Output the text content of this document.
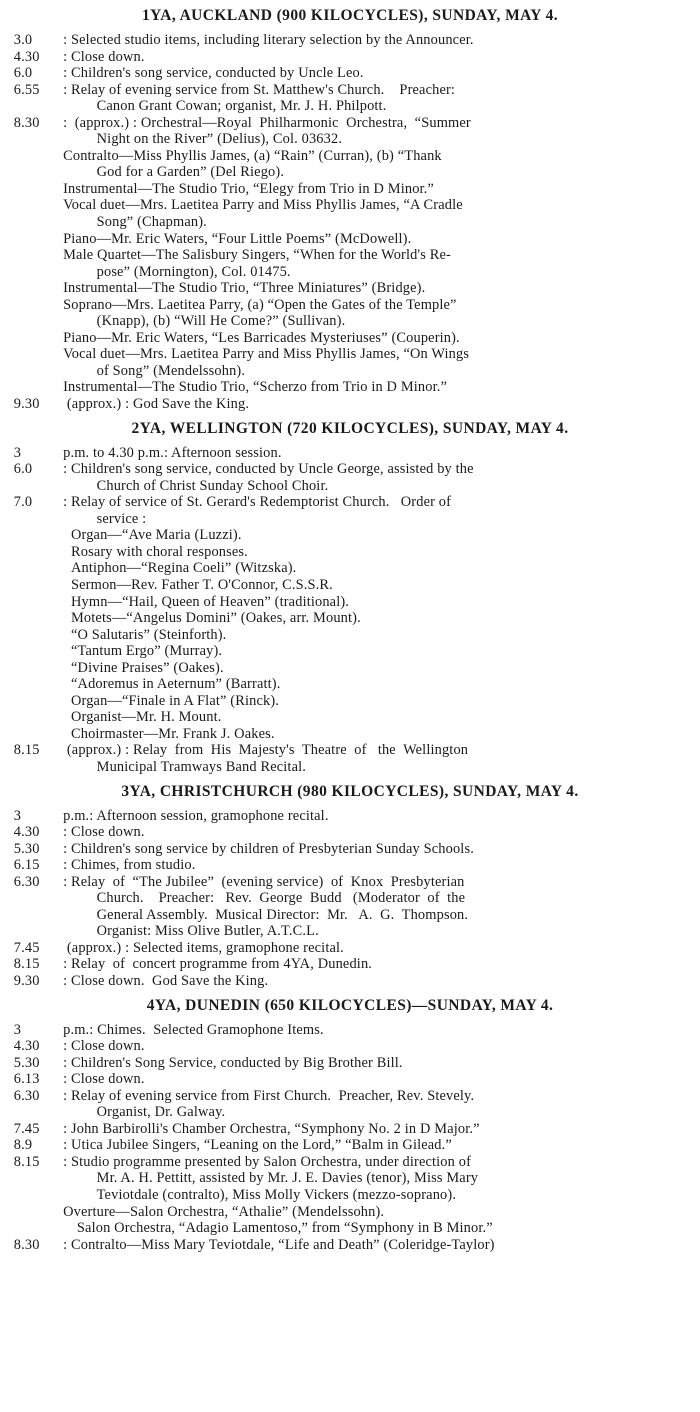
1YA, AUCKLAND (900 KILOCYCLES), SUNDAY, MAY 4.
3.0 : Selected studio items, including literary selection by the Announcer.
4.30 : Close down.
6.0 : Children's song service, conducted by Uncle Leo.
6.55 : Relay of evening service from St. Matthew's Church.    Preacher:
Canon Grant Cowan; organist, Mr. J. H. Philpott.
8.30 :  (approx.) : Orchestral—Royal  Philharmonic  Orchestra,  “Summer
Night on the River” (Delius), Col. 03632.
Contralto—Miss Phyllis James, (a) “Rain” (Curran), (b) “Thank
God for a Garden” (Del Riego).
Instrumental—The Studio Trio, “Elegy from Trio in D Minor.”
Vocal duet—Mrs. Laetitea Parry and Miss Phyllis James, “A Cradle
Song” (Chapman).
Piano—Mr. Eric Waters, “Four Little Poems” (McDowell).
Male Quartet—The Salisbury Singers, “When for the World's Re-
pose” (Mornington), Col. 01475.
Instrumental—The Studio Trio, “Three Miniatures” (Bridge).
Soprano—Mrs. Laetitea Parry, (a) “Open the Gates of the Temple”
(Knapp), (b) “Will He Come?” (Sullivan).
Piano—Mr. Eric Waters, “Les Barricades Mysteriuses” (Couperin).
Vocal duet—Mrs. Laetitea Parry and Miss Phyllis James, “On Wings
of Song” (Mendelssohn).
Instrumental—The Studio Trio, “Scherzo from Trio in D Minor.”
9.30 (approx.) : God Save the King.
2YA, WELLINGTON (720 KILOCYCLES), SUNDAY, MAY 4.
3	p.m. to 4.30 p.m.: Afternoon session.
6.0 : Children's song service, conducted by Uncle George, assisted by the
Church of Christ Sunday School Choir.
7.0 : Relay of service of St. Gerard's Redemptorist Church.   Order of
service :
Organ—“Ave Maria (Luzzi).
Rosary with choral responses.
Antiphon—“Regina Coeli” (Witzska).
Sermon—Rev. Father T. O'Connor, C.S.S.R.
Hymn—“Hail, Queen of Heaven” (traditional).
Motets—“Angelus Domini” (Oakes, arr. Mount).
“O Salutaris” (Steinforth).
“Tantum Ergo” (Murray).
“Divine Praises” (Oakes).
“Adoremus in Aeternum” (Barratt).
Organ—“Finale in A Flat” (Rinck).
Organist—Mr. H. Mount.
Choirmaster—Mr. Frank J. Oakes.
8.15 (approx.) : Relay  from  His  Majesty's  Theatre  of   the  Wellington
Municipal Tramways Band Recital.
3YA, CHRISTCHURCH (980 KILOCYCLES), SUNDAY, MAY 4.
3	p.m.: Afternoon session, gramophone recital.
4.30 : Close down.
5.30 : Children's song service by children of Presbyterian Sunday Schools.
6.15 : Chimes, from studio.
6.30 : Relay  of  “The Jubilee”  (evening service)  of  Knox  Presbyterian
Church.    Preacher:   Rev.  George  Budd   (Moderator  of  the
General Assembly.  Musical Director:  Mr.   A.  G.  Thompson.
Organist: Miss Olive Butler, A.T.C.L.
7.45 (approx.) : Selected items, gramophone recital.
8.15 : Relay  of  concert programme from 4YA, Dunedin.
9.30 : Close down.  God Save the King.
4YA, DUNEDIN (650 KILOCYCLES)—SUNDAY, MAY 4.
3	p.m.: Chimes.  Selected Gramophone Items.
4.30 : Close down.
5.30 : Children's Song Service, conducted by Big Brother Bill.
6.13 : Close down.
6.30 : Relay of evening service from First Church.  Preacher, Rev. Stevely.
Organist, Dr. Galway.
7.45 : John Barbirolli's Chamber Orchestra, “Symphony No. 2 in D Major.”
8.9 : Utica Jubilee Singers, “Leaning on the Lord,” “Balm in Gilead.”
8.15 : Studio programme presented by Salon Orchestra, under direction of
Mr. A. H. Pettitt, assisted by Mr. J. E. Davies (tenor), Miss Mary
Teviotdale (contralto), Miss Molly Vickers (mezzo-soprano).
Overture—Salon Orchestra, “Athalie” (Mendelssohn).
Salon Orchestra, “Adagio Lamentoso,” from “Symphony in B Minor.”
8.30 : Contralto—Miss Mary Teviotdale, “Life and Death” (Coleridge-Taylor)
